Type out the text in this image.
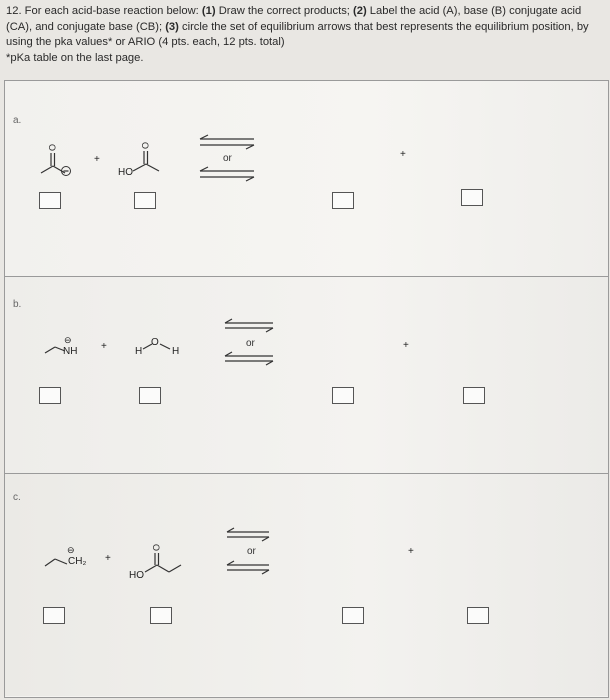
12. For each acid-base reaction below: (1) Draw the correct products; (2) Label the acid (A), base (B) conjugate acid (CA), and conjugate base (CB); (3) circle the set of equilibrium arrows that best represents the equilibrium position, by using the pka values* or ARIO (4 pts. each, 12 pts. total)

*pKa table on the last page.

a.
O
+
HO
O
or	+
b.
⊖
NH +	H
O
H
or	+
c.
⊖
CH₂ +
HO
O	or	+
